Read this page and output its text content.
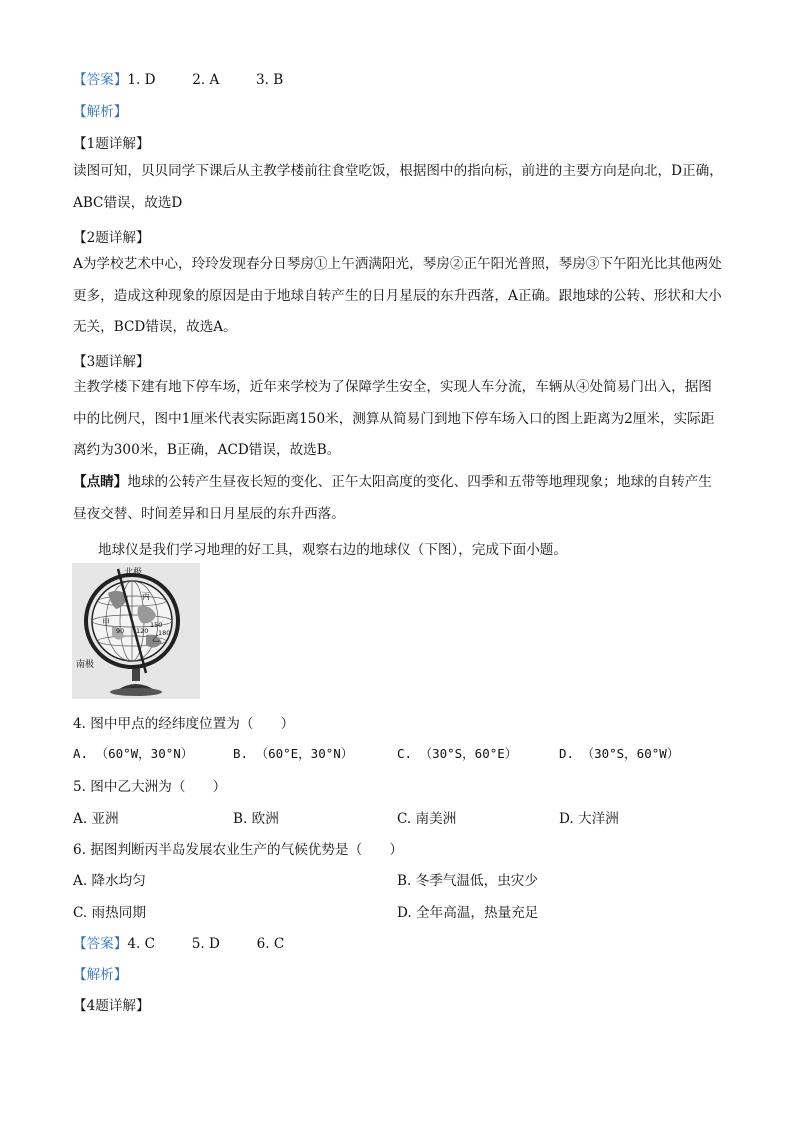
【答案】1. D	2. A	3. B
【解析】
【1题详解】
读图可知，贝贝同学下课后从主教学楼前往食堂吃饭，根据图中的指向标，前进的主要方向是向北，D正确，ABC错误，故选D
【2题详解】
A为学校艺术中心，玲玲发现春分日琴房①上午洒满阳光，琴房②正午阳光普照，琴房③下午阳光比其他两处更多，造成这种现象的原因是由于地球自转产生的日月星辰的东升西落，A正确。跟地球的公转、形状和大小无关，BCD错误，故选A。
【3题详解】
主教学楼下建有地下停车场，近年来学校为了保障学生安全，实现人车分流，车辆从④处简易门出入，据图中的比例尺，图中1厘米代表实际距离150米，测算从简易门到地下停车场入口的图上距离为2厘米，实际距离约为300米，B正确，ACD错误，故选B。
【点睛】地球的公转产生昼夜长短的变化、正午太阳高度的变化、四季和五带等地理现象；地球的自转产生昼夜交替、时间差异和日月星辰的东升西落。
地球仪是我们学习地理的好工具，观察右边的地球仪（下图），完成下面小题。
北极
南极
甲
乙
丙
90 120
150
180
4. 图中甲点的经纬度位置为（　　）
A. （60°W，30°N）	B. （60°E，30°N）	C. （30°S，60°E）	D. （30°S，60°W）
5. 图中乙大洲为（　　）
A. 亚洲	B. 欧洲	C. 南美洲	D. 大洋洲
6. 据图判断丙半岛发展农业生产的气候优势是（　　）
A. 降水均匀	B. 冬季气温低，虫灾少
C. 雨热同期	D. 全年高温，热量充足
【答案】4. C	5. D	6. C
【解析】
【4题详解】
